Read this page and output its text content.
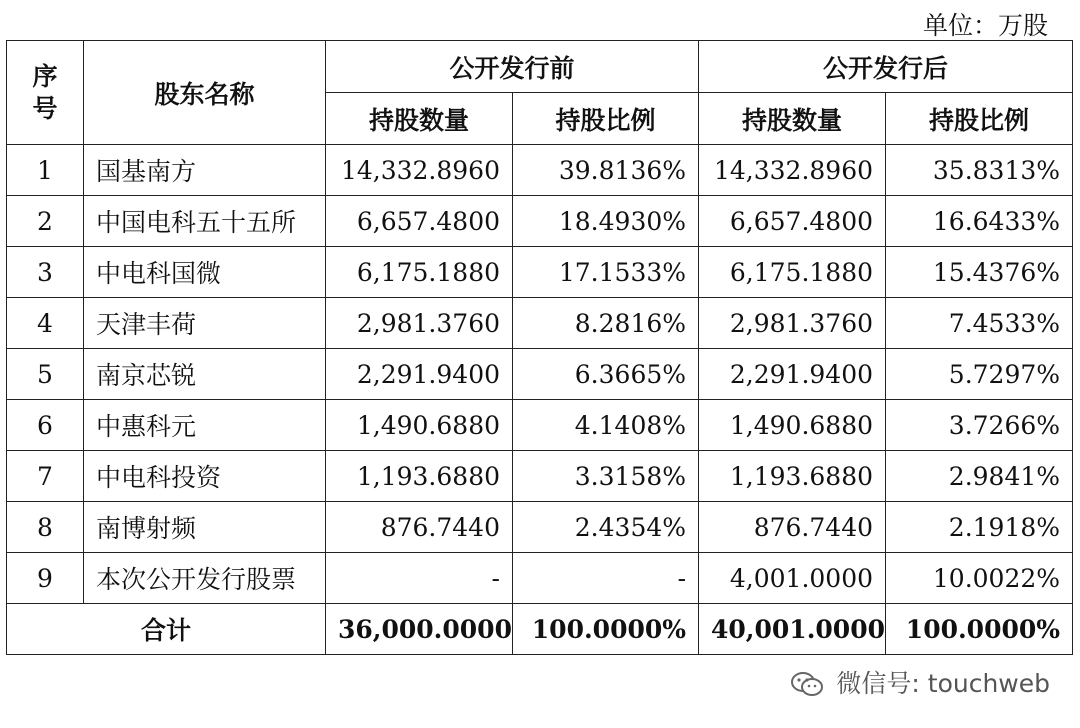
单位：万股
序号	股东名称	公开发行前		公开发行后	
		持股数量	持股比例	持股数量	持股比例
1	国基南方	14,332.8960	39.8136%	14,332.8960	35.8313%
2	中国电科五十五所	6,657.4800	18.4930%	6,657.4800	16.6433%
3	中电科国微	6,175.1880	17.1533%	6,175.1880	15.4376%
4	天津丰荷	2,981.3760	8.2816%	2,981.3760	7.4533%
5	南京芯锐	2,291.9400	6.3665%	2,291.9400	5.7297%
6	中惠科元	1,490.6880	4.1408%	1,490.6880	3.7266%
7	中电科投资	1,193.6880	3.3158%	1,193.6880	2.9841%
8	南博射频	876.7440	2.4354%	876.7440	2.1918%
9	本次公开发行股票	-	-	4,001.0000	10.0022%
合计		36,000.0000	100.0000%	40,001.0000	100.0000%
微信号: touchweb
